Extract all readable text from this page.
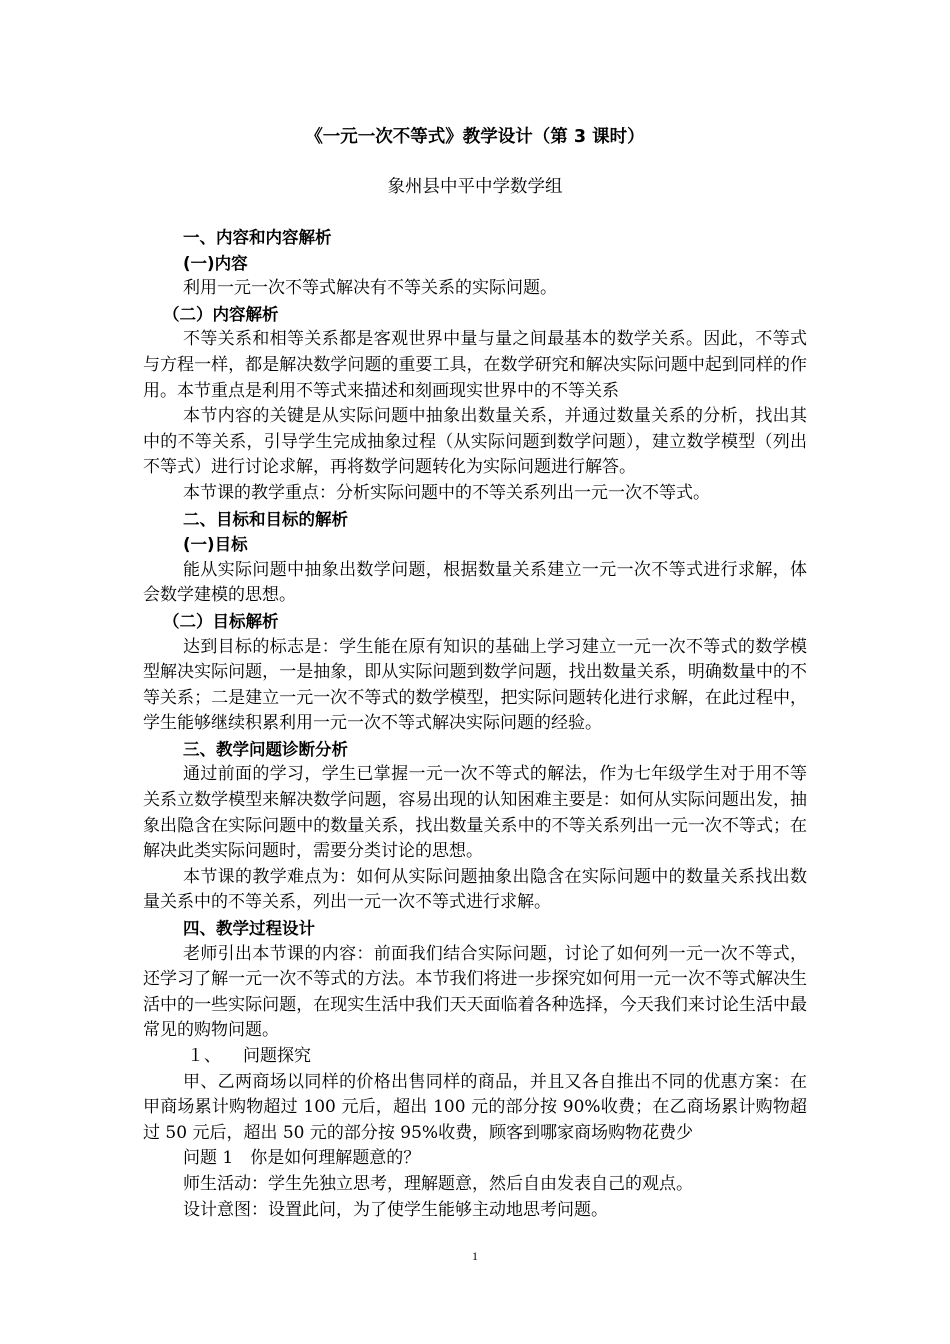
《一元一次不等式》教学设计（第 3 课时）
象州县中平中学数学组

一、内容和内容解析

(一)内容

利用一元一次不等式解决有不等关系的实际问题。

（二）内容解析

不等关系和相等关系都是客观世界中量与量之间最基本的数学关系。因此，不等式与方程一样，都是解决数学问题的重要工具，在数学研究和解决实际问题中起到同样的作用。本节重点是利用不等式来描述和刻画现实世界中的不等关系

本节内容的关键是从实际问题中抽象出数量关系，并通过数量关系的分析，找出其中的不等关系，引导学生完成抽象过程（从实际问题到数学问题），建立数学模型（列出不等式）进行讨论求解，再将数学问题转化为实际问题进行解答。

本节课的教学重点：分析实际问题中的不等关系列出一元一次不等式。

二、目标和目标的解析

(一)目标

能从实际问题中抽象出数学问题，根据数量关系建立一元一次不等式进行求解，体会数学建模的思想。

（二）目标解析

达到目标的标志是：学生能在原有知识的基础上学习建立一元一次不等式的数学模型解决实际问题，一是抽象，即从实际问题到数学问题，找出数量关系，明确数量中的不等关系；二是建立一元一次不等式的数学模型，把实际问题转化进行求解，在此过程中，学生能够继续积累利用一元一次不等式解决实际问题的经验。

三、教学问题诊断分析

通过前面的学习，学生已掌握一元一次不等式的解法，作为七年级学生对于用不等关系立数学模型来解决数学问题，容易出现的认知困难主要是：如何从实际问题出发，抽象出隐含在实际问题中的数量关系，找出数量关系中的不等关系列出一元一次不等式；在解决此类实际问题时，需要分类讨论的思想。

本节课的教学难点为：如何从实际问题抽象出隐含在实际问题中的数量关系找出数量关系中的不等关系，列出一元一次不等式进行求解。

四、教学过程设计

老师引出本节课的内容：前面我们结合实际问题，讨论了如何列一元一次不等式，还学习了解一元一次不等式的方法。本节我们将进一步探究如何用一元一次不等式解决生活中的一些实际问题，在现实生活中我们天天面临着各种选择，今天我们来讨论生活中最常见的购物问题。

１、 问题探究

甲、乙两商场以同样的价格出售同样的商品，并且又各自推出不同的优惠方案：在甲商场累计购物超过 100 元后，超出 100 元的部分按 90%收费；在乙商场累计购物超过 50 元后，超出 50 元的部分按 95%收费，顾客到哪家商场购物花费少

问题 1　你是如何理解题意的？

师生活动：学生先独立思考，理解题意，然后自由发表自己的观点。

设计意图：设置此问，为了使学生能够主动地思考问题。

1
